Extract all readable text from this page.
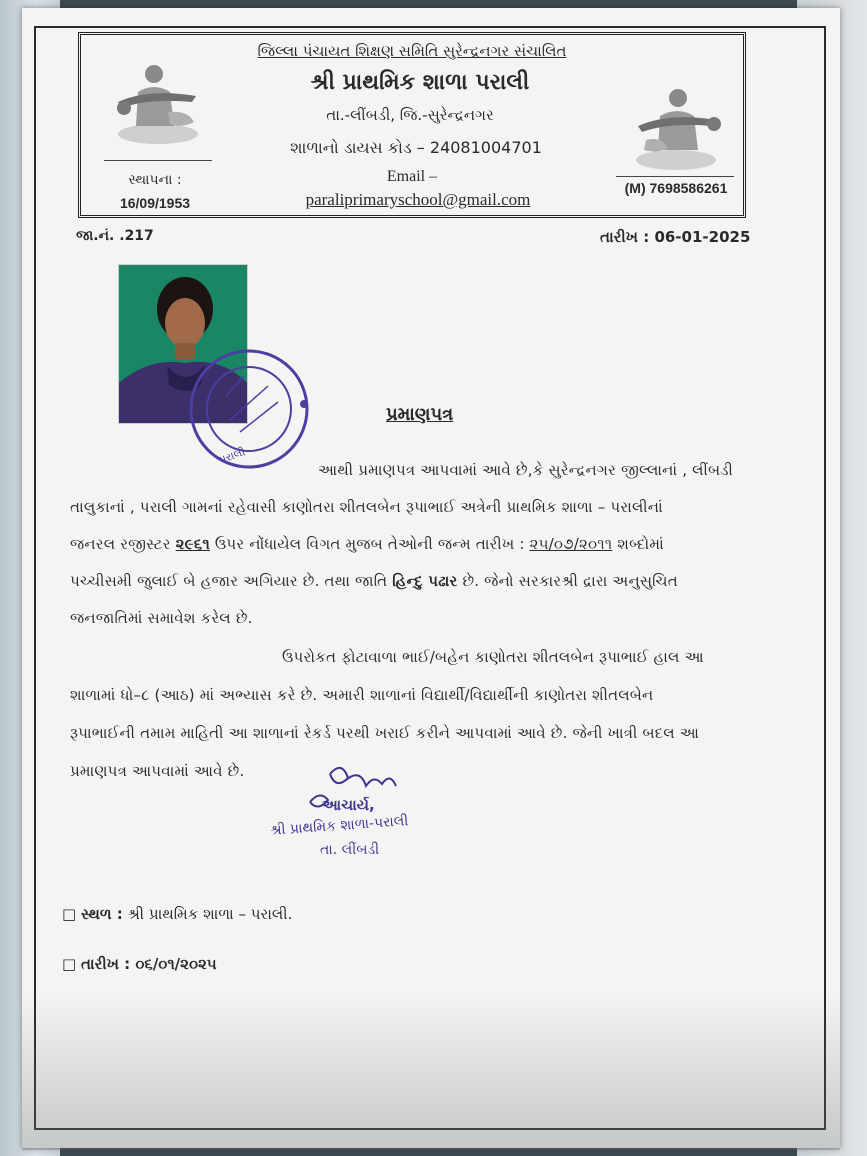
જિલ્લા પંચાયત શિક્ષણ સમિતિ સુરેન્દ્રનગર સંચાલિત
શ્રી પ્રાથમિક શાળા પરાલી
તા.-લીંબડી, જિ.-સુરેન્દ્રનગર
શાળાનો ડાયસ કોડ – 24081004701
Email –
paraliprimaryschool@gmail.com
સ્થાપના :
16/09/1953
(M) 7698586261
જા.નં. .217	તારીખ : 06-01-2025
પરાલી
પ્રમાણપત્ર
આથી પ્રમાણપત્ર આપવામાં આવે છે,કે સુરેન્દ્રનગર જીલ્લાનાં , લીંબડી
તાલુકાનાં , પરાલી ગામનાં રહેવાસી કાણોતરા શીતલબેન રૂપાભાઈ અત્રેની પ્રાથમિક શાળા – પરાલીનાં
જનરલ રજીસ્ટર ૨૯૬૧ ઉપર નોંધાયેલ વિગત મુજબ તેઓની જન્મ તારીખ : ૨૫/૦૭/૨૦૧૧ શબ્દોમાં
પચ્ચીસમી જુલાઈ બે હજાર અગિયાર છે. તથા જાતિ હિન્દુ પઢાર છે. જેનો સરકારશ્રી દ્રારા અનુસુચિત
જનજાતિમાં સમાવેશ કરેલ છે.
ઉપરોકત ફોટાવાળા ભાઈ/બહેન કાણોતરા શીતલબેન રૂપાભાઈ હાલ આ
શાળામાં ધો–૮ (આઠ) માં અભ્યાસ કરે છે. અમારી શાળાનાં વિદ્યાર્થી/વિદ્યાર્થીની કાણોતરા શીતલબેન
રૂપાભાઈની તમામ માહિતી આ શાળાનાં રેકર્ડ પરથી ખરાઈ કરીને આપવામાં આવે છે. જેની ખાત્રી બદલ આ
પ્રમાણપત્ર આપવામાં આવે છે.
આચાર્ય,
શ્રી પ્રાથમિક શાળા-પરાલી
તા. લીંબડી
□ સ્થળ : શ્રી પ્રાથમિક શાળા – પરાલી.
□ તારીખ : ૦૬/૦૧/૨૦૨૫
